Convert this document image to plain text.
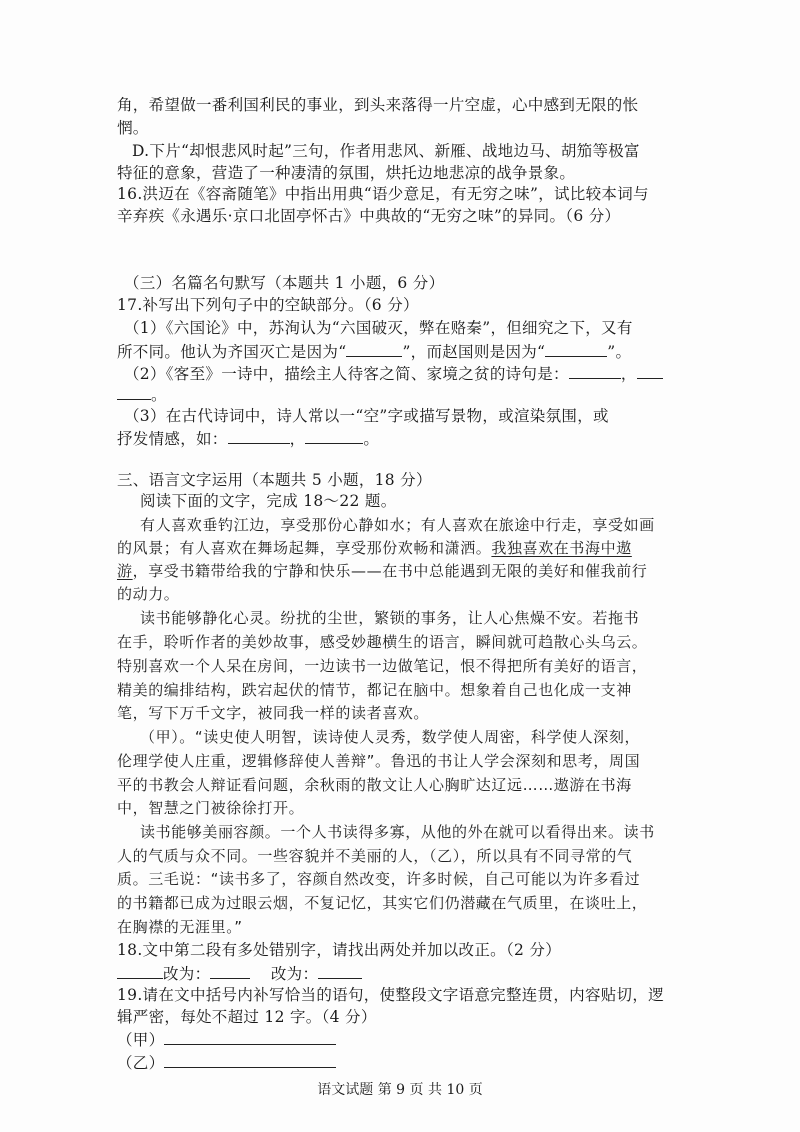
角，希望做一番利国利民的事业，到头来落得一片空虚，心中感到无限的怅
惘。
D.下片“却恨悲风时起”三句，作者用悲风、新雁、战地边马、胡笳等极富
特征的意象，营造了一种凄清的氛围，烘托边地悲凉的战争景象。
16.洪迈在《容斋随笔》中指出用典“语少意足，有无穷之味”，试比较本词与
辛弃疾《永遇乐·京口北固亭怀古》中典故的“无穷之味”的异同。（6 分）
（三）名篇名句默写（本题共 1 小题，6 分）
17.补写出下列句子中的空缺部分。（6 分）
（1）《六国论》中，苏洵认为“六国破灭，弊在赂秦”，但细究之下，又有
所不同。他认为齐国灭亡是因为“	”，而赵国则是因为“	”。
（2）《客至》一诗中，描绘主人待客之简、家境之贫的诗句是：	，
。
（3）在古代诗词中，诗人常以一“空”字或描写景物，或渲染氛围，或
抒发情感，如：	，	。
三、语言文字运用（本题共 5 小题，18 分）
阅读下面的文字，完成 18～22 题。
有人喜欢垂钓江边，享受那份心静如水；有人喜欢在旅途中行走，享受如画
的风景；有人喜欢在舞场起舞，享受那份欢畅和潇洒。我独喜欢在书海中遨
游，享受书籍带给我的宁静和快乐——在书中总能遇到无限的美好和催我前行
的动力。
读书能够静化心灵。纷扰的尘世，繁锁的事务，让人心焦燥不安。若拖书
在手，聆听作者的美妙故事，感受妙趣横生的语言，瞬间就可趋散心头乌云。
特别喜欢一个人呆在房间，一边读书一边做笔记，恨不得把所有美好的语言，
精美的编排结构，跌宕起伏的情节，都记在脑中。想象着自己也化成一支神
笔，写下万千文字，被同我一样的读者喜欢。
（甲）。“读史使人明智，读诗使人灵秀，数学使人周密，科学使人深刻，
伦理学使人庄重，逻辑修辞使人善辩”。鲁迅的书让人学会深刻和思考，周国
平的书教会人辩证看问题，余秋雨的散文让人心胸旷达辽远……遨游在书海
中，智慧之门被徐徐打开。
读书能够美丽容颜。一个人书读得多寡，从他的外在就可以看得出来。读书
人的气质与众不同。一些容貌并不美丽的人，（乙），所以具有不同寻常的气
质。三毛说：“读书多了，容颜自然改变，许多时候，自己可能以为许多看过
的书籍都已成为过眼云烟，不复记忆，其实它们仍潜藏在气质里，在谈吐上，
在胸襟的无涯里。”
18.文中第二段有多处错别字，请找出两处并加以改正。（2 分）
改为：	改为：
19.请在文中括号内补写恰当的语句，使整段文字语意完整连贯，内容贴切，逻
辑严密，每处不超过 12 字。（4 分）
（甲）
（乙）
语文试题 第 9 页 共 10 页
